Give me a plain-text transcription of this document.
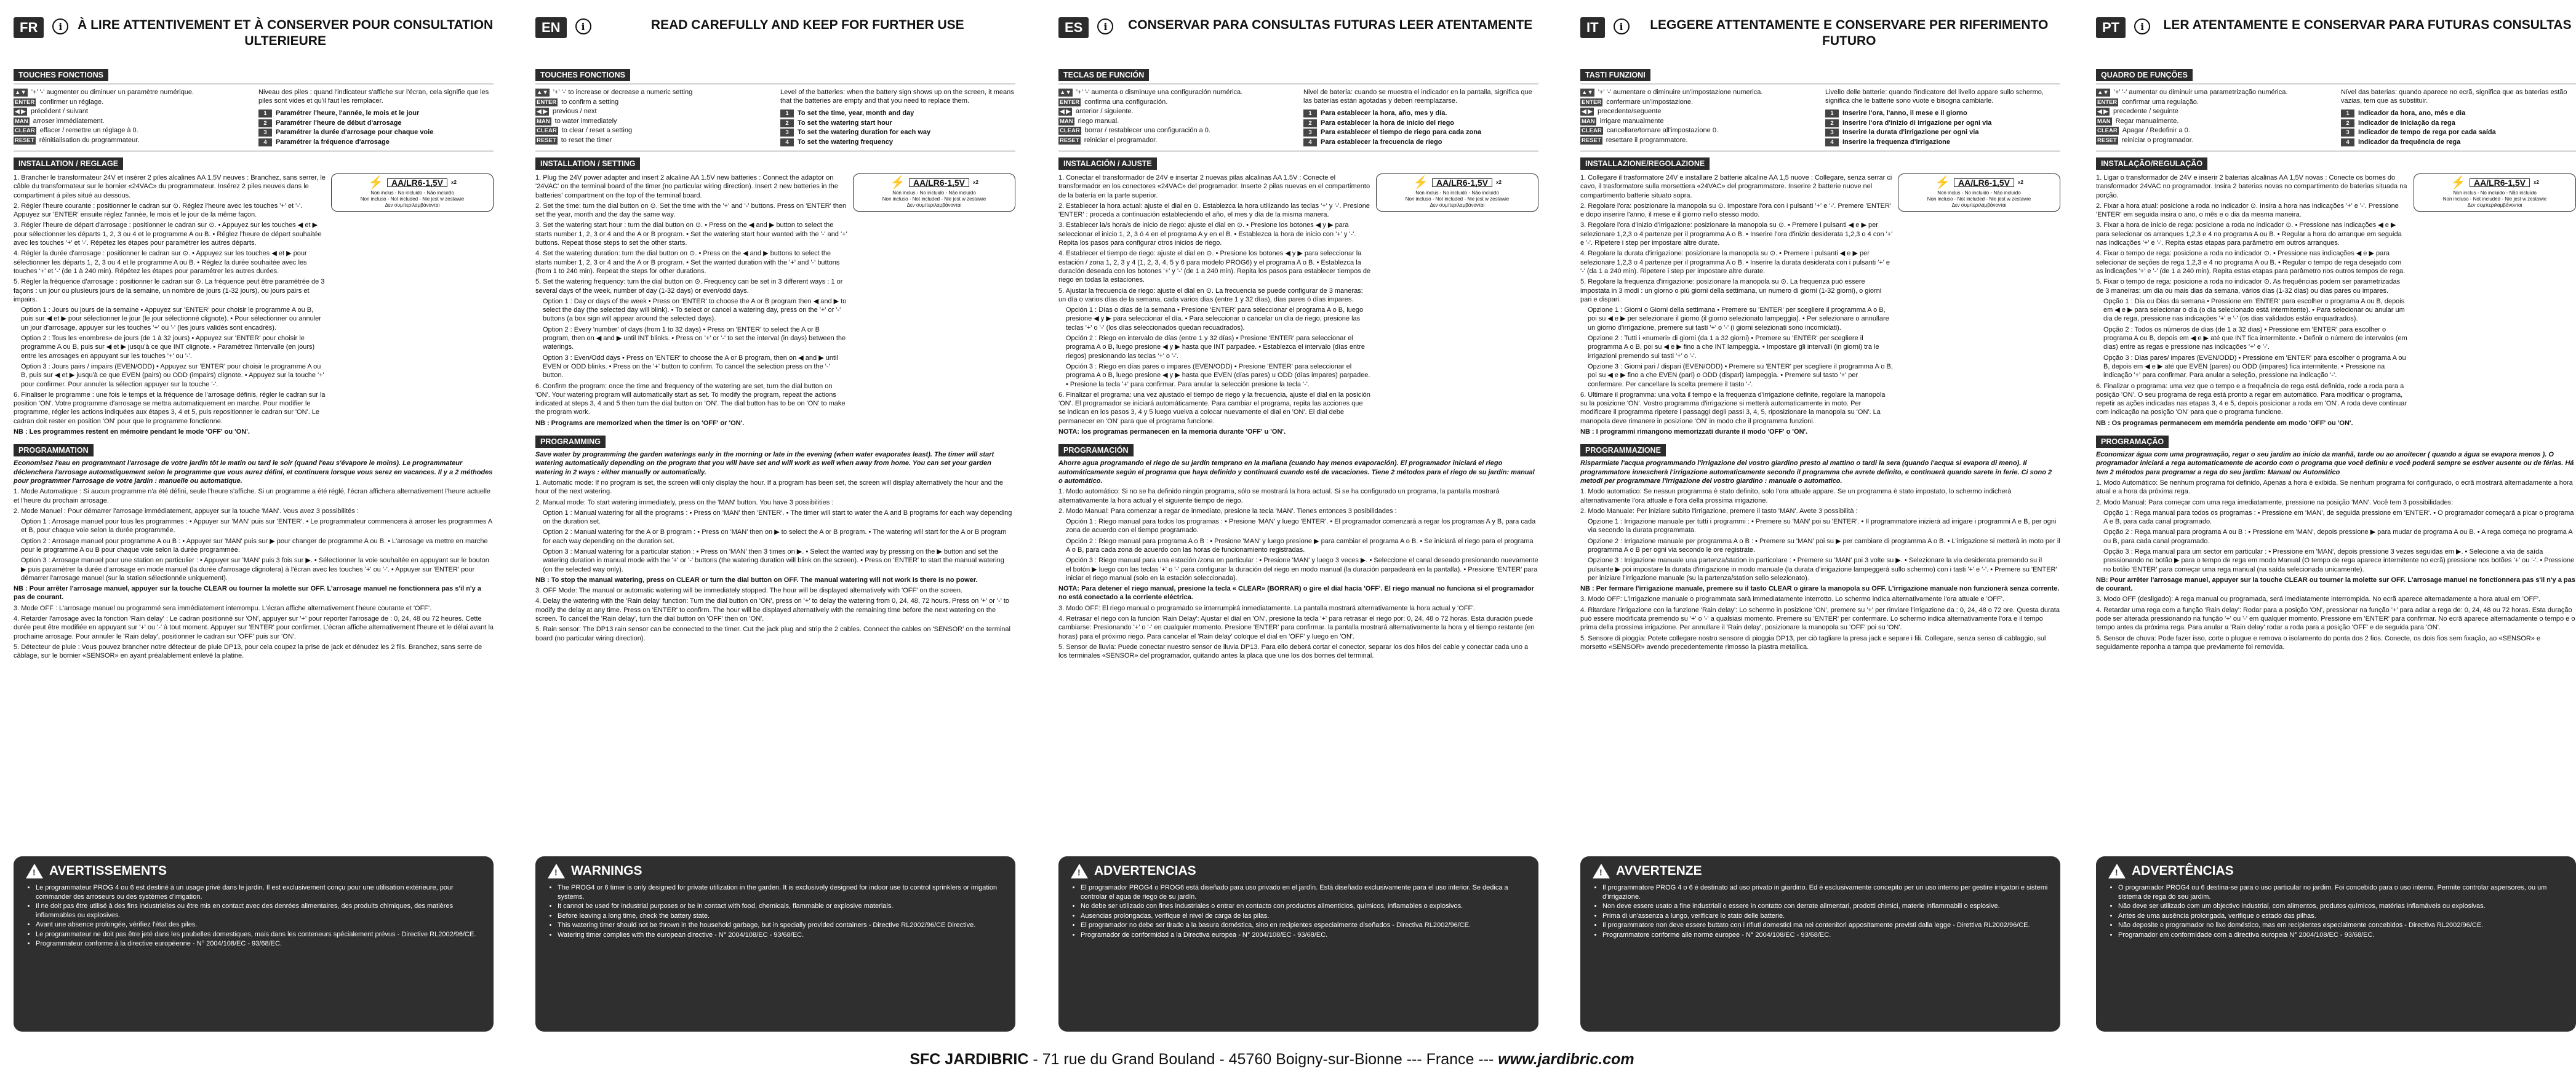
FR	i	À LIRE ATTENTIVEMENT ET À CONSERVER POUR CONSULTATION ULTERIEURE
TOUCHES FONCTIONS
▲▼ '+' '-' augmenter ou diminuer un paramètre numérique.
ENTER confirmer un réglage.
◀ ▶ précédent / suivant
MAN arroser immédiatement.
CLEAR effacer / remettre un réglage à 0.
RESET réinitialisation du programmateur.
Niveau des piles : quand l'indicateur s'affiche sur l'écran, cela signifie que les piles sont vides et qu'il faut les remplacer.
1	Paramétrer l'heure, l'année, le mois et le jour
2	Paramétrer l'heure de début d'arrosage
3	Paramétrer la durée d'arrosage pour chaque voie
4	Paramétrer la fréquence d'arrosage
INSTALLATION / REGLAGE

1. Brancher le transformateur 24V et insérer 2 piles alcalines AA 1,5V neuves : Branchez, sans serrer, le câble du transformateur sur le bornier «24VAC» du programmateur. Insérez 2 piles neuves dans le compartiment à piles situé au dessous.

2. Régler l'heure courante : positionner le cadran sur ⊙. Réglez l'heure avec les touches '+' et '-'. Appuyez sur 'ENTER' ensuite réglez l'année, le mois et le jour de la même façon.

3. Régler l'heure de départ d'arrosage : positionner le cadran sur ⊙. • Appuyez sur les touches ◀ et ▶ pour sélectionner les départs 1, 2, 3 ou 4 et le programme A ou B. • Réglez l'heure de départ souhaitée avec les touches '+' et '-'. Répétez les étapes pour paramétrer les autres départs.

4. Régler la durée d'arrosage : positionner le cadran sur ⊙. • Appuyez sur les touches ◀ et ▶ pour sélectionner les départs 1, 2, 3 ou 4 et le programme A ou B. • Réglez la durée souhaitée avec les touches '+' et '-' (de 1 à 240 min). Répétez les étapes pour paramétrer les autres durées.

5. Régler la fréquence d'arrosage : positionner le cadran sur ⊙. La fréquence peut être paramétrée de 3 façons : un jour ou plusieurs jours de la semaine, un nombre de jours (1-32 jours), ou jours pairs et impairs.

Option 1 : Jours ou jours de la semaine • Appuyez sur 'ENTER' pour choisir le programme A ou B, puis sur ◀ et ▶ pour sélectionner le jour (le jour sélectionné clignote). • Pour sélectionner ou annuler un jour d'arrosage, appuyer sur les touches '+' ou '-' (les jours validés sont encadrés).

Option 2 : Tous les «nombres» de jours (de 1 à 32 jours) • Appuyez sur 'ENTER' pour choisir le programme A ou B, puis sur ◀ et ▶ jusqu'à ce que INT clignote. • Paramétrez l'intervalle (en jours) entre les arrosages en appuyant sur les touches '+' ou '-'.

Option 3 : Jours pairs / impairs (EVEN/ODD) • Appuyez sur 'ENTER' pour choisir le programme A ou B, puis sur ◀ et ▶ jusqu'à ce que EVEN (pairs) ou ODD (impairs) clignote. • Appuyez sur la touche '+' pour confirmer. Pour annuler la sélection appuyer sur la touche '-'.

6. Finaliser le programme : une fois le temps et la fréquence de l'arrosage définis, régler le cadran sur la position 'ON'. Votre programme d'arrosage se mettra automatiquement en marche. Pour modifier le programme, régler les actions indiquées aux étapes 3, 4 et 5, puis repositionner le cadran sur 'ON'. Le cadran doit rester en position 'ON' pour que le programme fonctionne.

NB : Les programmes restent en mémoire pendant le mode 'OFF' ou 'ON'.

⚡ AA/LR6-1,5V	x2
Non inclus - No incluido - Não incluído
Non incluso - Not included - Nie jest w zestawie
Δεν συμπεριλαμβάνονται
PROGRAMMATION

Economisez l'eau en programmant l'arrosage de votre jardin tôt le matin ou tard le soir (quand l'eau s'évapore le moins). Le programmateur déclenchera l'arrosage automatiquement selon le programme que vous aurez défini, et continuera lorsque vous serez en vacances. Il y a 2 méthodes pour programmer l'arrosage de votre jardin : manuelle ou automatique.

1. Mode Automatique : Si aucun programme n'a été défini, seule l'heure s'affiche. Si un programme a été réglé, l'écran affichera alternativement l'heure actuelle et l'heure du prochain arrosage.

2. Mode Manuel : Pour démarrer l'arrosage immédiatement, appuyer sur la touche 'MAN'. Vous avez 3 possibilités :

Option 1 : Arrosage manuel pour tous les programmes : • Appuyer sur 'MAN' puis sur 'ENTER'. • Le programmateur commencera à arroser les programmes A et B, pour chaque voie selon la durée programmée.

Option 2 : Arrosage manuel pour programme A ou B : • Appuyer sur 'MAN' puis sur ▶ pour changer de programme A ou B. • L'arrosage va mettre en marche pour le programme A ou B pour chaque voie selon la durée programmée.

Option 3 : Arrosage manuel pour une station en particulier : • Appuyer sur 'MAN' puis 3 fois sur ▶. • Sélectionner la voie souhaitée en appuyant sur le bouton ▶ puis paramétrer la durée d'arrosage en mode manuel (la durée d'arrosage clignotera) à l'écran avec les touches '+' ou '-'. • Appuyer sur 'ENTER' pour démarrer l'arrosage manuel (sur la station sélectionnée uniquement).

NB : Pour arrêter l'arrosage manuel, appuyer sur la touche CLEAR ou tourner la molette sur OFF. L'arrosage manuel ne fonctionnera pas s'il n'y a pas de courant.

3. Mode OFF : L'arrosage manuel ou programmé sera immédiatement interrompu. L'écran affiche alternativement l'heure courante et 'OFF'.

4. Retarder l'arrosage avec la fonction 'Rain delay' : Le cadran positionné sur 'ON', appuyer sur '+' pour reporter l'arrosage de : 0, 24, 48 ou 72 heures. Cette durée peut être modifiée en appuyant sur '+' ou '-' à tout moment. Appuyer sur 'ENTER' pour confirmer. L'écran affiche alternativement l'heure et le délai avant la prochaine arrosage. Pour annuler le 'Rain delay', positionner le cadran sur 'OFF' puis sur 'ON'.

5. Détecteur de pluie : Vous pouvez brancher notre détecteur de pluie DP13, pour cela coupez la prise de jack et dénudez les 2 fils. Branchez, sans serre de câblage, sur le bornier «SENSOR» en ayant préalablement enlevé la platine.

! AVERTISSEMENTS
• Le programmateur PROG 4 ou 6 est destiné à un usage privé dans le jardin. Il est exclusivement conçu pour une utilisation extérieure, pour commander des arroseurs ou des systèmes d'irrigation.
• Il ne doit pas être utilisé à des fins industrielles ou être mis en contact avec des denrées alimentaires, des produits chimiques, des matières inflammables ou explosives.
• Avant une absence prolongée, vérifiez l'état des piles.
• Le programmateur ne doit pas être jeté dans les poubelles domestiques, mais dans les conteneurs spécialement prévus - Directive RL2002/96/CE.
• Programmateur conforme à la directive européenne - N° 2004/108/EC - 93/68/EC.
EN	i	READ CAREFULLY AND KEEP FOR FURTHER USE
TOUCHES FONCTIONS
▲▼ '+' '-' to increase or decrease a numeric setting
ENTER to confirm a setting
◀ ▶ previous / next
MAN to water immediately
CLEAR to clear / reset a setting
RESET to reset the timer
Level of the batteries: when the battery sign shows up on the screen, it means that the batteries are empty and that you need to replace them.
1	To set the time, year, month and day
2	To set the watering start hour
3	To set the watering duration for each way
4	To set the watering frequency
INSTALLATION / SETTING

1. Plug the 24V power adapter and insert 2 alcaline AA 1.5V new batteries : Connect the adaptor on '24VAC' on the terminal board of the timer (no particular wiring direction). Insert 2 new batteries in the batteries' compartment on the top of the terminal board.

2. Set the time: turn the dial button on ⊙. Set the time with the '+' and '-' buttons. Press on 'ENTER' then set the year, month and the day the same way.

3. Set the watering start hour : turn the dial button on ⊙. • Press on the ◀ and ▶ button to select the starts number 1, 2, 3 or 4 and the A or B program. • Set the watering start hour wanted with the '-' and '+' buttons. Repeat those steps to set the other starts.

4. Set the watering duration: turn the dial button on ⊙. • Press on the ◀ and ▶ buttons to select the starts number 1, 2, 3 or 4 and the A or B program. • Set the wanted duration with the '+' and '-' buttons (from 1 to 240 min). Repeat the steps for other durations.

5. Set the watering frequency: turn the dial button on ⊙. Frequency can be set in 3 different ways : 1 or several days of the week, number of day (1-32 days) or even/odd days.

Option 1 : Day or days of the week • Press on 'ENTER' to choose the A or B program then ◀ and ▶ to select the day (the selected day will blink). • To select or cancel a watering day, press on the '+' or '-' buttons (a box sign will appear around the selected days).

Option 2 : Every 'number' of days (from 1 to 32 days) • Press on 'ENTER' to select the A or B program, then on ◀ and ▶ until INT blinks. • Press on '+' or '-' to set the interval (in days) between the waterings.

Option 3 : Even/Odd days • Press on 'ENTER' to choose the A or B program, then on ◀ and ▶ until EVEN or ODD blinks. • Press on the '+' button to confirm. To cancel the selection press on the '-' button.

6. Confirm the program: once the time and frequency of the watering are set, turn the dial button on 'ON'. Your watering program will automatically start as set. To modify the program, repeat the actions indicated at steps 3, 4 and 5 then turn the dial button on 'ON'. The dial button has to be on 'ON' to make the program work.

NB : Programs are memorized when the timer is on 'OFF' or 'ON'.

⚡ AA/LR6-1,5V	x2
Non inclus - No incluido - Não incluído
Non incluso - Not included - Nie jest w zestawie
Δεν συμπεριλαμβάνονται
PROGRAMMING

Save water by programming the garden waterings early in the morning or late in the evening (when water evaporates least). The timer will start watering automatically depending on the program that you will have set and will work as well when away from home. You can set your garden watering in 2 ways : either manually or automatically.

1. Automatic mode: If no program is set, the screen will only display the hour. If a program has been set, the screen will display alternatively the hour and the hour of the next watering.

2. Manual mode: To start watering immediately, press on the 'MAN' button. You have 3 possibilities :

Option 1 : Manual watering for all the programs : • Press on 'MAN' then 'ENTER'. • The timer will start to water the A and B programs for each way depending on the duration set.

Option 2 : Manual watering for the A or B program : • Press on 'MAN' then on ▶ to select the A or B program. • The watering will start for the A or B program for each way depending on the duration set.

Option 3 : Manual watering for a particular station : • Press on 'MAN' then 3 times on ▶. • Select the wanted way by pressing on the ▶ button and set the watering duration in manual mode with the '+' or '-' buttons (the watering duration will blink on the screen). • Press on 'ENTER' to start the manual watering (on the selected way only).

NB : To stop the manual watering, press on CLEAR or turn the dial button on OFF. The manual watering will not work is there is no power.

3. OFF Mode: The manual or automatic watering will be immediately stopped. The hour will be displayed alternatively with 'OFF' on the screen.

4. Delay the watering with the 'Rain delay' function: Turn the dial button on 'ON', press on '+' to delay the watering from 0, 24, 48, 72 hours. Press on '+' or '-' to modify the delay at any time. Press on 'ENTER' to confirm. The hour will be displayed alternatively with the remaining time before the next watering on the screen. To cancel the 'Rain delay', turn the dial button on 'OFF' then on 'ON'.

5. Rain sensor: The DP13 rain sensor can be connected to the timer. Cut the jack plug and strip the 2 cables. Connect the cables on 'SENSOR' on the terminal board (no particular wiring direction).

! WARNINGS
• The PROG4 or 6 timer is only designed for private utilization in the garden. It is exclusively designed for indoor use to control sprinklers or irrigation systems.
• It cannot be used for industrial purposes or be in contact with food, chemicals, flammable or explosive materials.
• Before leaving a long time, check the battery state.
• This watering timer should not be thrown in the household garbage, but in specially provided containers - Directive RL2002/96/CE Directive.
• Watering timer complies with the european directive - N° 2004/108/EC - 93/68/EC.
ES	i	CONSERVAR PARA CONSULTAS FUTURAS LEER ATENTAMENTE
TECLAS DE FUNCIÓN
▲▼ '+' '-' aumenta o disminuye una configuración numérica.
ENTER confirma una configuración.
◀ ▶ anterior / siguiente.
MAN riego manual.
CLEAR borrar / restablecer una configuración a 0.
RESET reiniciar el programador.
Nivel de batería: cuando se muestra el indicador en la pantalla, significa que las baterías están agotadas y deben reemplazarse.
1	Para establecer la hora, año, mes y día.
2	Para establecer la hora de inicio del riego
3	Para establecer el tiempo de riego para cada zona
4	Para establecer la frecuencia de riego
INSTALACIÓN / AJUSTE

1. Conectar el transformador de 24V e insertar 2 nuevas pilas alcalinas AA 1.5V : Conecte el transformador en los conectores «24VAC» del programador. Inserte 2 pilas nuevas en el compartimento de la batería en la parte superior.

2. Establecer la hora actual: ajuste el dial en ⊙. Establezca la hora utilizando las teclas '+' y '-'. Presione 'ENTER' : proceda a continuación estableciendo el año, el mes y día de la misma manera.

3. Establecer la/s hora/s de inicio de riego: ajuste el dial en ⊙. • Presione los botones ◀ y ▶ para seleccionar el inicio 1, 2, 3 ó 4 en el programa A y en el B. • Establezca la hora de inicio con '+' y '-'. Repita los pasos para configurar otros inicios de riego.

4. Establecer el tiempo de riego: ajuste el dial en ⊙. • Presione los botones ◀ y ▶ para seleccionar la estación / zona 1, 2, 3 y 4 (1, 2, 3, 4, 5 y 6 para modelo PROG6) y el programa A o B. • Establezca la duración deseada con los botones '+' y '-' (de 1 a 240 min). Repita los pasos para establecer tiempos de riego en todas la estaciones.

5. Ajustar la frecuencia de riego: ajuste el dial en ⊙. La frecuencia se puede configurar de 3 maneras: un día o varios días de la semana, cada varios días (entre 1 y 32 días), días pares ó días impares.

Opción 1 : Días o días de la semana • Presione 'ENTER' para seleccionar el programa A o B, luego presione ◀ y ▶ para seleccionar el día. • Para seleccionar o cancelar un día de riego, presione las teclas '+' o '-' (los días seleccionados quedan recuadrados).

Opción 2 : Riego en intervalo de días (entre 1 y 32 días) • Presione 'ENTER' para seleccionar el programa A o B, luego presione ◀ y ▶ hasta que INT parpadee. • Establezca el intervalo (días entre riegos) presionando las teclas '+' o '-'.

Opción 3 : Riego en días pares o impares (EVEN/ODD) • Presione 'ENTER' para seleccionar el programa A o B, luego presione ◀ y ▶ hasta que EVEN (días pares) u ODD (días impares) parpadee. • Presione la tecla '+' para confirmar. Para anular la selección presione la tecla '-'.

6. Finalizar el programa: una vez ajustado el tiempo de riego y la frecuencia, ajuste el dial en la posición 'ON'. El programador se iniciará automáticamente. Para cambiar el programa, repita las acciones que se indican en los pasos 3, 4 y 5 luego vuelva a colocar nuevamente el dial en 'ON'. El dial debe permanecer en 'ON' para que el programa funcione.

NOTA: los programas permanecen en la memoria durante 'OFF' u 'ON'.

⚡ AA/LR6-1,5V	x2
Non inclus - No incluido - Não incluído
Non incluso - Not included - Nie jest w zestawie
Δεν συμπεριλαμβάνονται
PROGRAMACIÓN

Ahorre agua programando el riego de su jardín temprano en la mañana (cuando hay menos evaporación). El programador iniciará el riego automáticamente según el programa que haya definido y continuará cuando esté de vacaciones. Tiene 2 métodos para el riego de su jardín: manual o automático.

1. Modo automático: Si no se ha definido ningún programa, sólo se mostrará la hora actual. Si se ha configurado un programa, la pantalla mostrará alternativamente la hora actual y el siguiente tiempo de riego.

2. Modo Manual: Para comenzar a regar de inmediato, presione la tecla 'MAN'. Tienes entonces 3 posibilidades :

Opción 1 : Riego manual para todos los programas : • Presione 'MAN' y luego 'ENTER'. • El programador comenzará a regar los programas A y B, para cada zona de acuerdo con el tiempo programado.

Opción 2 : Riego manual para programa A o B : • Presione 'MAN' y luego presione ▶ para cambiar el programa A o B. • Se iniciará el riego para el programa A o B, para cada zona de acuerdo con las horas de funcionamiento registradas.

Opción 3 : Riego manual para una estación /zona en particular : • Presione 'MAN' y luego 3 veces ▶. • Seleccione el canal deseado presionando nuevamente el botón ▶ luego con las teclas '+' o '-' para configurar la duración del riego en modo manual (la duración parpadeará en la pantalla). • Presione 'ENTER' para iniciar el riego manual (solo en la estación seleccionada).

NOTA: Para detener el riego manual, presione la tecla « CLEAR» (BORRAR) o gire el dial hacia 'OFF'. El riego manual no funciona si el programador no está conectado a la corriente eléctrica.

3. Modo OFF: El riego manual o programado se interrumpirá inmediatamente. La pantalla mostrará alternativamente la hora actual y 'OFF'.

4. Retrasar el riego con la función 'Rain Delay': Ajustar el dial en 'ON', presione la tecla '+' para retrasar el riego por: 0, 24, 48 o 72 horas. Esta duración puede cambiarse: Presionando '+' o '-' en cualquier momento. Presione 'ENTER' para confirmar. la pantalla mostrará alternativamente la hora y el tiempo restante (en horas) para el próximo riego. Para cancelar el 'Rain delay' coloque el dial en 'OFF' y luego en 'ON'.

5. Sensor de lluvia: Puede conectar nuestro sensor de lluvia DP13. Para ello deberá cortar el conector, separar los dos hilos del cable y conectar cada uno a los terminales «SENSOR» del programador, quitando antes la placa que une los dos bornes del terminal.

! ADVERTENCIAS
• El programador PROG4 o PROG6 está diseñado para uso privado en el jardín. Está diseñado exclusivamente para el uso interior. Se dedica a controlar el agua de riego de su jardín.
• No debe ser utilizado con fines industriales o entrar en contacto con productos alimenticios, químicos, inflamables o explosivos.
• Ausencias prolongadas, verifique el nivel de carga de las pilas.
• El programador no debe ser tirado a la basura doméstica, sino en recipientes especialmente diseñados - Directiva RL2002/96/CE.
• Programador de conformidad a la Directiva europea - N° 2004/108/EC - 93/68/EC.
IT	i	LEGGERE ATTENTAMENTE E CONSERVARE PER RIFERIMENTO FUTURO
TASTI FUNZIONI
▲▼ '+' '-' aumentare o diminuire un'impostazione numerica.
ENTER confermare un'impostazione.
◀ ▶ precedente/seguente
MAN irrigare manualmente
CLEAR cancellare/tornare all'impostazione 0.
RESET resettare il programmatore.
Livello delle batterie: quando l'indicatore del livello appare sullo schermo, significa che le batterie sono vuote e bisogna cambiarle.
1	Inserire l'ora, l'anno, il mese e il giorno
2	Inserire l'ora d'inizio di irrigazione per ogni via
3	Inserire la durata d'irrigazione per ogni via
4	Inserire la frequenza d'irrigazione
INSTALLAZIONE/REGOLAZIONE

1. Collegare il trasformatore 24V e installare 2 batterie alcaline AA 1,5 nuove : Collegare, senza serrar ci cavo, il trasformatore sulla morsettiera «24VAC» del programmatore. Inserire 2 batterie nuove nel compartimento batterie situato sopra.

2. Regolare l'ora: posizionare la manopola su ⊙. Impostare l'ora con i pulsanti '+' e '-'. Premere 'ENTER' e dopo inserire l'anno, il mese e il giorno nello stesso modo.

3. Regolare l'ora d'inizio d'irrigazione: posizionare la manopola su ⊙. • Premere i pulsanti ◀ e ▶ per selezionare 1,2,3 o 4 partenze per il programma A o B. • Inserire l'ora d'inizio desiderata 1,2,3 o 4 con '+' e '-'. Ripetere i step per impostare altre durate.

4. Regolare la durata d'irrigazione: posizionare la manopola su ⊙. • Premere i pulsanti ◀ e ▶ per selezionare 1,2,3 o 4 partenze per il programma A o B. • Inserire la durata desiderata con i pulsanti '+' e '-' (da 1 a 240 min). Ripetere i step per impostare altre durate.

5. Regolare la frequenza d'irrigazione: posizionare la manopola su ⊙. La frequenza può essere impostata in 3 modi : un giorno o più giorni della settimana, un numero di giorni (1-32 giorni), o giorni pari e dispari.

Opzione 1 : Giorni o Giorni della settimana • Premere su 'ENTER' per scegliere il programma A o B, poi su ◀ e ▶ per selezionare il giorno (il giorno selezionato lampeggia). • Per selezionare o annullare un giorno d'irrigazione, premere sui tasti '+' o '-' (i giorni selezionati sono incorniciati).

Opzione 2 : Tutti i «numeri» di giorni (da 1 a 32 giorni) • Premere su 'ENTER' per scegliere il programma A o B, poi su ◀ e ▶ fino a che INT lampeggia. • Impostare gli intervalli (in giorni) tra le irrigazioni premendo sui tasti '+' o '-'.

Opzione 3 : Giorni pari / dispari (EVEN/ODD) • Premere su 'ENTER' per scegliere il programma A o B, poi su ◀ e ▶ fino a che EVEN (pari) o ODD (dispari) lampeggia. • Premere sul tasto '+' per confermare. Per cancellare la scelta premere il tasto '-'.

6. Ultimare il programma: una volta il tempo e la frequenza d'irrigazione definite, regolare la manopola su la posizione 'ON'. Vostro programma d'irrigazione si metterà automaticamente in moto. Per modificare il programma ripetere i passaggi degli passi 3, 4, 5, riposizionare la manopola su 'ON'. La manopola deve rimanere in posizione 'ON' in modo che il programma funzioni.

NB : I programmi rimangono memorizzati durante il modo 'OFF' o 'ON'.

⚡ AA/LR6-1,5V	x2
Non inclus - No incluido - Não incluído
Non incluso - Not included - Nie jest w zestawie
Δεν συμπεριλαμβάνονται
PROGRAMMAZIONE

Risparmiate l'acqua programmando l'irrigazione del vostro giardino presto al mattino o tardi la sera (quando l'acqua si evapora di meno). Il programmatore innescherà l'irrigazione automaticamente secondo il programma che avrete definito, e continuerà quando sarete in ferie. Ci sono 2 metodi per programmare l'irrigazione del vostro giardino : manuale o automatico.

1. Modo automatico: Se nessun programma è stato definito, solo l'ora attuale appare. Se un programma è stato impostato, lo schermo indicherà alternativamente l'ora attuale e l'ora della prossima irrigazione.

2. Modo Manuale: Per iniziare subito l'irrigazione, premere il tasto 'MAN'. Avete 3 possibilità :

Opzione 1 : Irrigazione manuale per tutti i programmi : • Premere su 'MAN' poi su 'ENTER'. • Il programmatore inizierà ad irrigare i programmi A e B, per ogni via secondo la durata programmata.

Opzione 2 : Irrigazione manuale per programma A o B : • Premere su 'MAN' poi su ▶ per cambiare di programma A o B. • L'irrigazione si metterà in moto per il programma A o B per ogni via secondo le ore registrate.

Opzione 3 : Irrigazione manuale una partenza/station in particolare : • Premere su 'MAN' poi 3 volte su ▶. • Selezionare la via desiderata premendo su il pulsante ▶ poi impostare la durata d'irrigazione in modo manuale (la durata d'irrigazione lampeggerà sullo schermo) con i tasti '+' e '-'. • Premere su 'ENTER' per iniziare l'irrigazione manuale (su la partenza/station sello selezionato).

NB : Per fermare l'irrigazione manuale, premere su il tasto CLEAR o girare la manopola su OFF. L'irrigazione manuale non funzionerà senza corrente.

3. Modo OFF: L'irrigazione manuale o programmata sarà immediatamente interrotto. Lo schermo indica alternativamente l'ora attuale e 'OFF'.

4. Ritardare l'irrigazione con la funzione 'Rain delay': Lo schermo in posizione 'ON', premere su '+' per rinviare l'irrigazione da : 0, 24, 48 o 72 ore. Questa durata può essere modificata premendo su '+' o '-' a qualsiasi momento. Premere su 'ENTER' per confermare. Lo schermo indica alternativamente l'ora e il tempo prima della prossima irrigazione. Per annullare il 'Rain delay', posizionare la manopola su 'OFF' poi su 'ON'.

5. Sensore di pioggia: Potete collegare nostro sensore di pioggia DP13, per ciò tagliare la presa jack e separe i fili. Collegare, senza senso di cablaggio, sul morsetto «SENSOR» avendo precedentemente rimosso la piastra metallica.

! AVVERTENZE
• Il programmatore PROG 4 o 6 è destinato ad uso privato in giardino. Ed è esclusivamente concepito per un uso interno per gestire irrigatori e sistemi d'irrigazione.
• Non deve essere usato a fine industriali o essere in contatto con derrate alimentari, prodotti chimici, materie infiammabili o esplosive.
• Prima di un'assenza a lungo, verificare lo stato delle batterie.
• Il programmatore non deve essere buttato con i rifiuti domestici ma nei contenitori appositamente previsti dalla legge - Direttiva RL2002/96/CE.
• Programmatore conforme alle norme europee - N° 2004/108/EC - 93/68/EC.
PT	i	LER ATENTAMENTE E CONSERVAR PARA FUTURAS CONSULTAS
QUADRO DE FUNÇÕES
▲▼ '+' '-' aumentar ou diminuir uma parametrização numérica.
ENTER confirmar uma regulação.
◀ ▶ precedente / seguinte
MAN Regar manualmente.
CLEAR Apagar / Redefinir a 0.
RESET reiniciar o programador.
Nível das baterias: quando aparece no ecrã, significa que as baterias estão vazias, tem que as substituir.
1	Indicador da hora, ano, mês e dia
2	Indicador de iniciação da rega
3	Indicador de tempo de rega por cada saída
4	Indicador da frequência de rega
INSTALAÇÃO/REGULAÇÃO

1. Ligar o transformador de 24V e inserir 2 baterias alcalinas AA 1,5V novas : Conecte os bornes do transformador 24VAC no programador. Insira 2 baterias novas no compartimento de baterias situada na porção.

2. Fixar a hora atual: posicione a roda no indicador ⊙. Insira a hora nas indicações '+' e '-'. Pressione 'ENTER' em seguida insira o ano, o mês e o dia da mesma maneira.

3. Fixar a hora de início de rega: posicione a roda no indicador ⊙. • Pressione nas indicações ◀ e ▶ para selecionar os arranques 1,2,3 e 4 no programa A ou B. • Regular a hora do arranque em seguida nas indicações '+' e '-'. Repita estas etapas para parâmetro em outros arranques.

4. Fixar o tempo de rega: posicione a roda no indicador ⊙. • Pressione nas indicações ◀ e ▶ para selecionar de seções de rega 1,2,3 e 4 no programa A ou B. • Regular o tempo de rega desejado com as indicações '+' e '-' (de 1 a 240 min). Repita estas etapas para parâmetro nos outros tempos de rega.

5. Fixar o tempo de rega: posicione a roda no indicador ⊙. As frequências podem ser parametrizadas de 3 maneiras: um dia ou mais dias da semana, vários dias (1-32 dias) ou dias pares ou impares.

Opção 1 : Dia ou Dias da semana • Pressione em 'ENTER' para escolher o programa A ou B, depois em ◀ e ▶ para selecionar o dia (o dia selecionado está intermitente). • Para selecionar ou anular um dia de rega, pressione nas indicações '+' e '-' (os dias validados estão enquadrados).

Opção 2 : Todos os números de dias (de 1 a 32 dias) • Pressione em 'ENTER' para escolher o programa A ou B, depois em ◀ e ▶ até que INT fica intermitente. • Definir o número de intervalos (em dias) entre as regas e pressione nas indicações '+' e '-'.

Opção 3 : Dias pares/ impares (EVEN/ODD) • Pressione em 'ENTER' para escolher o programa A ou B, depois em ◀ e ▶ até que EVEN (pares) ou ODD (impares) fica intermitente. • Pressione na indicação '+' para confirmar. Para anular a seleção, pressione na indicação '-'.

6. Finalizar o programa: uma vez que o tempo e a frequência de rega está definida, rode a roda para a posição 'ON'. O seu programa de rega está pronto a regar em automático. Para modificar o programa, repetir as ações indicadas nas etapas 3, 4 e 5, depois posicionar a roda em 'ON'. A roda deve continuar com indicação na posição 'ON' para que o programa funcione.

NB : Os programas permanecem em memória pendente em modo 'OFF' ou 'ON'.

⚡ AA/LR6-1,5V	x2
Non inclus - No incluido - Não incluído
Non incluso - Not included - Nie jest w zestawie
Δεν συμπεριλαμβάνονται
PROGRAMAÇÃO

Economizar água com uma programação, regar o seu jardim ao início da manhã, tarde ou ao anoitecer ( quando a água se evapora menos ). O programador iniciará a rega automaticamente de acordo com o programa que você definiu e você poderá sempre se estiver ausente ou de férias. Há tem 2 métodos para programar a rega do seu jardim: Manual ou Automático

1. Modo Automático: Se nenhum programa foi definido, Apenas a hora é exibida. Se nenhum programa foi configurado, o ecrã mostrará alternadamente a hora atual e a hora da próxima rega.

2. Modo Manual: Para começar com uma rega imediatamente, pressione na posição 'MAN'. Você tem 3 possibilidades:

Opção 1 : Rega manual para todos os programas : • Pressione em 'MAN', de seguida pressione em 'ENTER'. • O programador começará a picar o programa A e B, para cada canal programado.

Opção 2 : Rega manual para programa A ou B : • Pressione em 'MAN', depois pressione ▶ para mudar de programa A ou B. • A rega começa no programa A ou B, para cada canal programado.

Opção 3 : Rega manual para um sector em particular : • Pressione em 'MAN', depois pressione 3 vezes seguidas em ▶. • Selecione a via de saída pressionando no botão ▶ para o tempo de rega em modo Manual (O tempo de rega aparece intermitente no ecrã) pressione nos botões '+' ou '-'. • Pressione no botão 'ENTER' para começar uma rega manual (na saída selecionada unicamente).

NB: Pour arrêter l'arrosage manuel, appuyer sur la touche CLEAR ou tourner la molette sur OFF. L'arrosage manuel ne fonctionnera pas s'il n'y a pas de courant.

3. Modo OFF (desligado): A rega manual ou programada, será imediatamente interrompida. No ecrã aparece alternadamente a hora atual em 'OFF'.

4. Retardar uma rega com a função 'Rain delay': Rodar para a posição 'ON', pressionar na função '+' para adiar a rega de: 0, 24, 48 ou 72 horas. Esta duração pode ser alterada pressionando na função '+' ou '-' em qualquer momento. Pressione em 'ENTER' para confirmar. No ecrã aparece alternadamente o tempo e o tempo antes da próxima rega. Para anular a 'Rain delay' rodar a roda para a posição 'OFF' e de seguida para 'ON'.

5. Sensor de chuva: Pode fazer isso, corte o plugue e remova o isolamento do ponta dos 2 fios. Conecte, os dois fios sem fixação, ao «SENSOR» e seguidamente reponha a tampa que previamente foi removida.

! ADVERTÊNCIAS
• O programador PROG4 ou 6 destina-se para o uso particular no jardim. Foi concebido para o uso interno. Permite controlar aspersores, ou um sistema de rega do seu jardim.
• Não deve ser utilizado com um objectivo industrial, com alimentos, produtos químicos, matérias inflamáveis ou explosivas.
• Antes de uma ausência prolongada, verifique o estado das pilhas.
• Não deposite o programador no lixo doméstico, mas em recipientes especialmente concebidos - Directiva RL2002/96/CE.
• Programador em conformidade com a directiva europeia N° 2004/108/EC - 93/68/EC.
SFC JARDIBRIC - 71 rue du Grand Bouland - 45760 Boigny-sur-Bionne --- France --- www.jardibric.com
